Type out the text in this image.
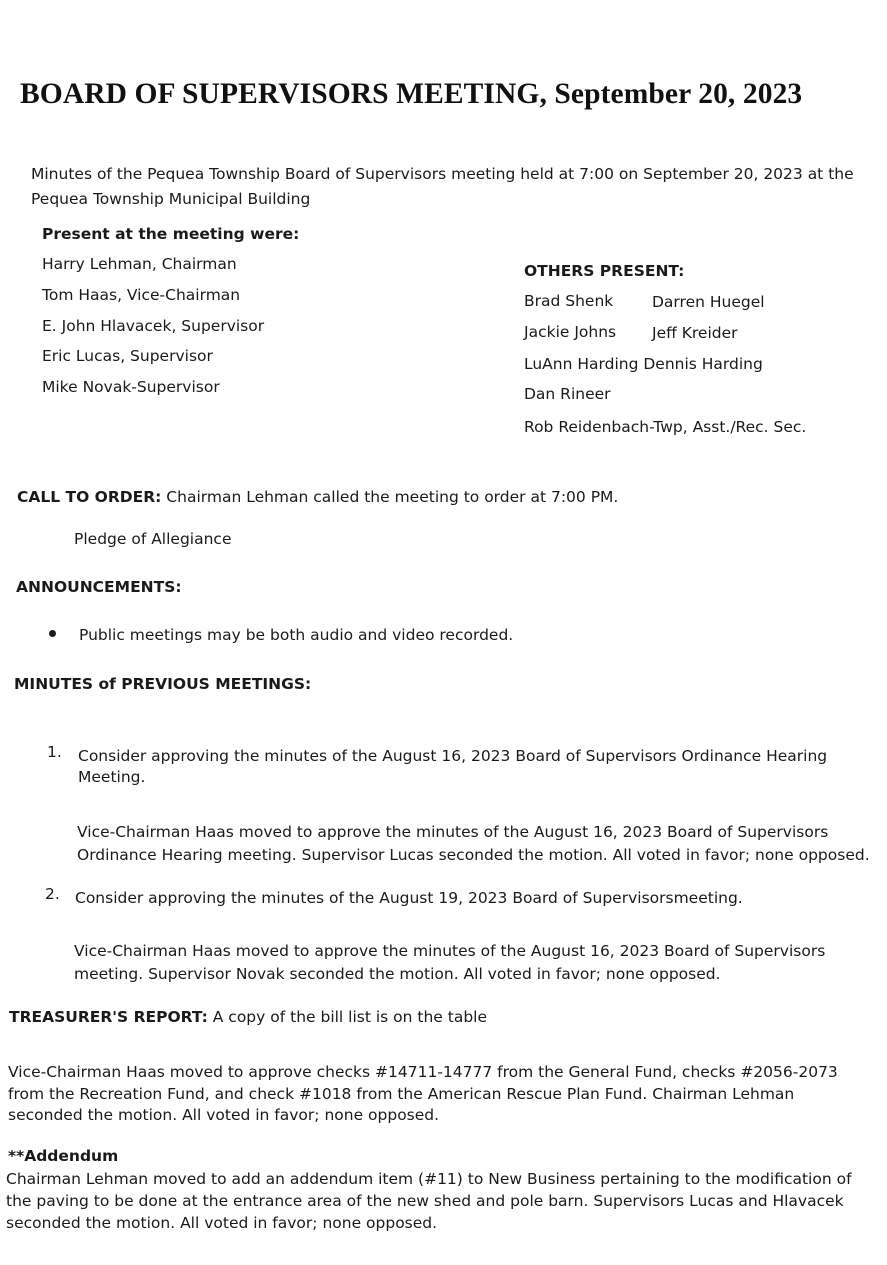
BOARD OF SUPERVISORS MEETING, September 20, 2023
Minutes of the Pequea Township Board of Supervisors meeting held at 7:00 on September 20, 2023 at the
Pequea Township Municipal Building
Present at the meeting were:
Harry Lehman, Chairman
Tom Haas, Vice-Chairman
E. John Hlavacek, Supervisor
Eric Lucas, Supervisor
Mike Novak-Supervisor
OTHERS PRESENT:
Brad Shenk Darren Huegel
Jackie Johns Jeff Kreider
LuAnn Harding Dennis Harding
Dan Rineer
Rob Reidenbach-Twp, Asst./Rec. Sec.
CALL TO ORDER: Chairman Lehman called the meeting to order at 7:00 PM.
Pledge of Allegiance
ANNOUNCEMENTS:
Public meetings may be both audio and video recorded.
MINUTES of PREVIOUS MEETINGS:
1. Consider approving the minutes of the August 16, 2023 Board of Supervisors Ordinance Hearing
Meeting.
Vice-Chairman Haas moved to approve the minutes of the August 16, 2023 Board of Supervisors
Ordinance Hearing meeting. Supervisor Lucas seconded the motion. All voted in favor; none opposed.
2. Consider approving the minutes of the August 19, 2023 Board of Supervisorsmeeting.
Vice-Chairman Haas moved to approve the minutes of the August 16, 2023 Board of Supervisors
meeting. Supervisor Novak seconded the motion. All voted in favor; none opposed.
TREASURER'S REPORT: A copy of the bill list is on the table
Vice-Chairman Haas moved to approve checks #14711-14777 from the General Fund, checks #2056-2073
from the Recreation Fund, and check #1018 from the American Rescue Plan Fund. Chairman Lehman
seconded the motion. All voted in favor; none opposed.
**Addendum
Chairman Lehman moved to add an addendum item (#11) to New Business pertaining to the modification of
the paving to be done at the entrance area of the new shed and pole barn. Supervisors Lucas and Hlavacek
seconded the motion. All voted in favor; none opposed.
